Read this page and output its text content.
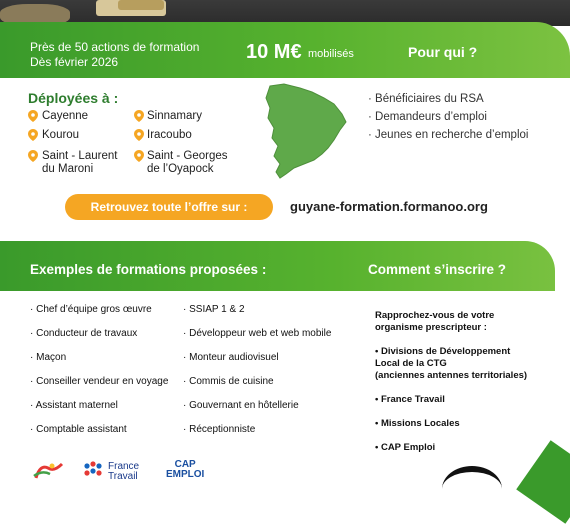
Près de 50 actions de formation
Dès février 2026	10 M€ mobilisés	Pour qui ?
Déployées à :
Cayenne
Kourou
Saint - Laurent
du Maroni
Sinnamary
Iracoubo
Saint - Georges
de l’Oyapock
· Bénéficiaires du RSA
· Demandeurs d’emploi
· Jeunes en recherche d’emploi
Retrouvez toute l’offre sur :	guyane-formation.formanoo.org
Exemples de formations proposées :	Comment s’inscrire ?
· Chef d’équipe gros œuvre
· Conducteur de travaux
· Maçon
· Conseiller vendeur en voyage
· Assistant maternel
· Comptable assistant
· SSIAP 1 & 2
· Développeur web et web mobile
· Monteur audiovisuel
· Commis de cuisine
· Gouvernant en hôtellerie
· Réceptionniste
Rapprochez-vous de votre
organisme prescripteur :
• Divisions de Développement
Local de la CTG
(anciennes antennes territoriales)
• France Travail
• Missions Locales
• CAP Emploi
France
Travail
CAP
EMPLOI
